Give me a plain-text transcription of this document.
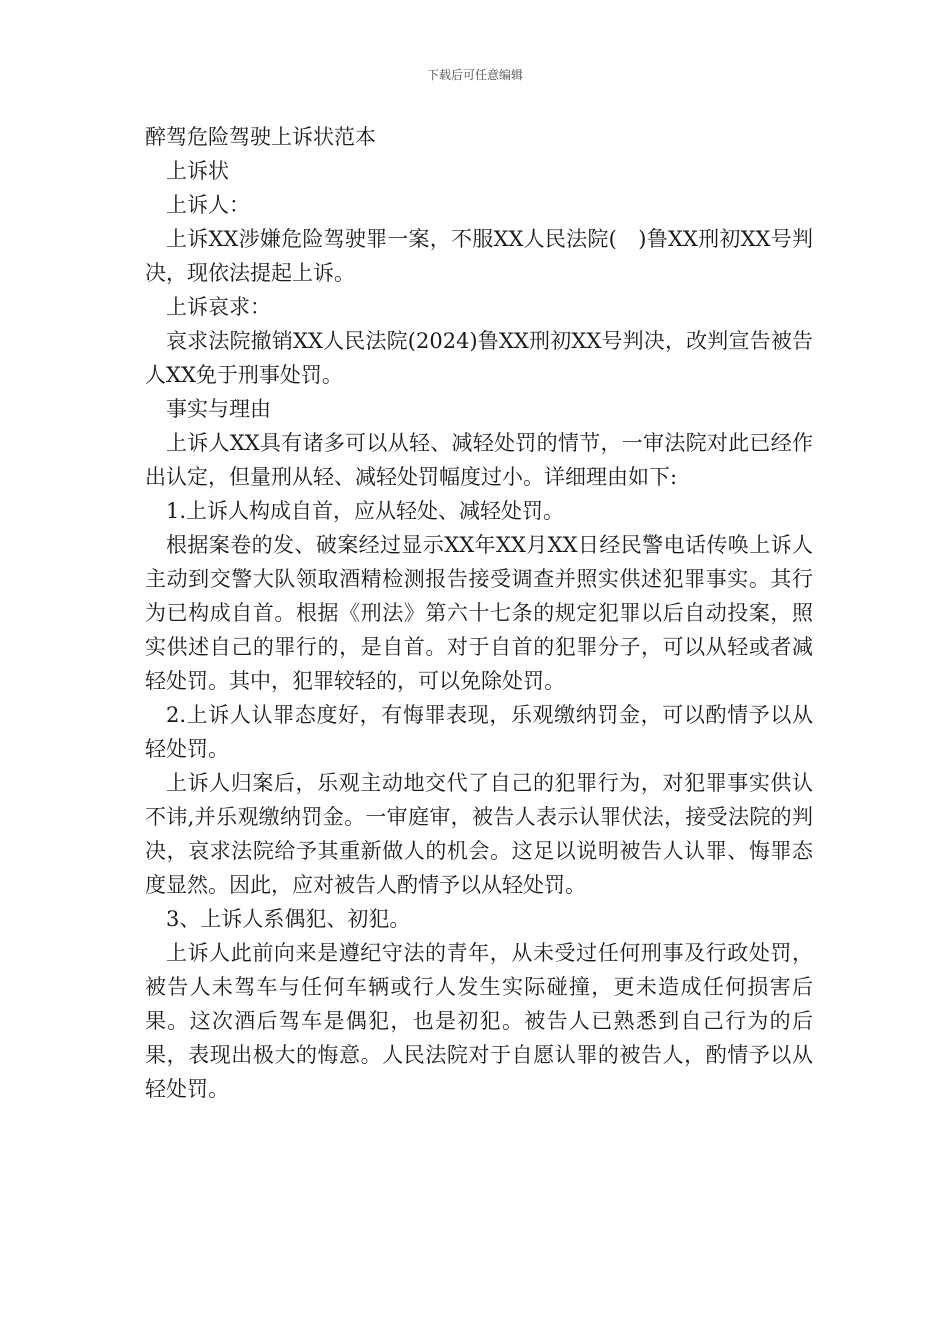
下载后可任意编辑
醉驾危险驾驶上诉状范本

上诉状

上诉人：

上诉XX涉嫌危险驾驶罪一案，不服XX人民法院(　)鲁XX刑初XX号判决，现依法提起上诉。

上诉哀求：

哀求法院撤销XX人民法院(2024)鲁XX刑初XX号判决，改判宣告被告人XX免于刑事处罚。

事实与理由

上诉人XX具有诸多可以从轻、减轻处罚的情节，一审法院对此已经作出认定，但量刑从轻、减轻处罚幅度过小。详细理由如下:

1.上诉人构成自首，应从轻处、减轻处罚。

根据案卷的发、破案经过显示XX年XX月XX日经民警电话传唤上诉人主动到交警大队领取酒精检测报告接受调查并照实供述犯罪事实。其行为已构成自首。根据《刑法》第六十七条的规定犯罪以后自动投案，照实供述自己的罪行的，是自首。对于自首的犯罪分子，可以从轻或者减轻处罚。其中，犯罪较轻的，可以免除处罚。

2.上诉人认罪态度好，有悔罪表现，乐观缴纳罚金，可以酌情予以从轻处罚。

上诉人归案后，乐观主动地交代了自己的犯罪行为，对犯罪事实供认不讳,并乐观缴纳罚金。一审庭审，被告人表示认罪伏法，接受法院的判决，哀求法院给予其重新做人的机会。这足以说明被告人认罪、悔罪态度显然。因此，应对被告人酌情予以从轻处罚。

3、上诉人系偶犯、初犯。

上诉人此前向来是遵纪守法的青年，从未受过任何刑事及行政处罚，被告人未驾车与任何车辆或行人发生实际碰撞，更未造成任何损害后果。这次酒后驾车是偶犯，也是初犯。被告人已熟悉到自己行为的后果，表现出极大的悔意。人民法院对于自愿认罪的被告人，酌情予以从轻处罚。
